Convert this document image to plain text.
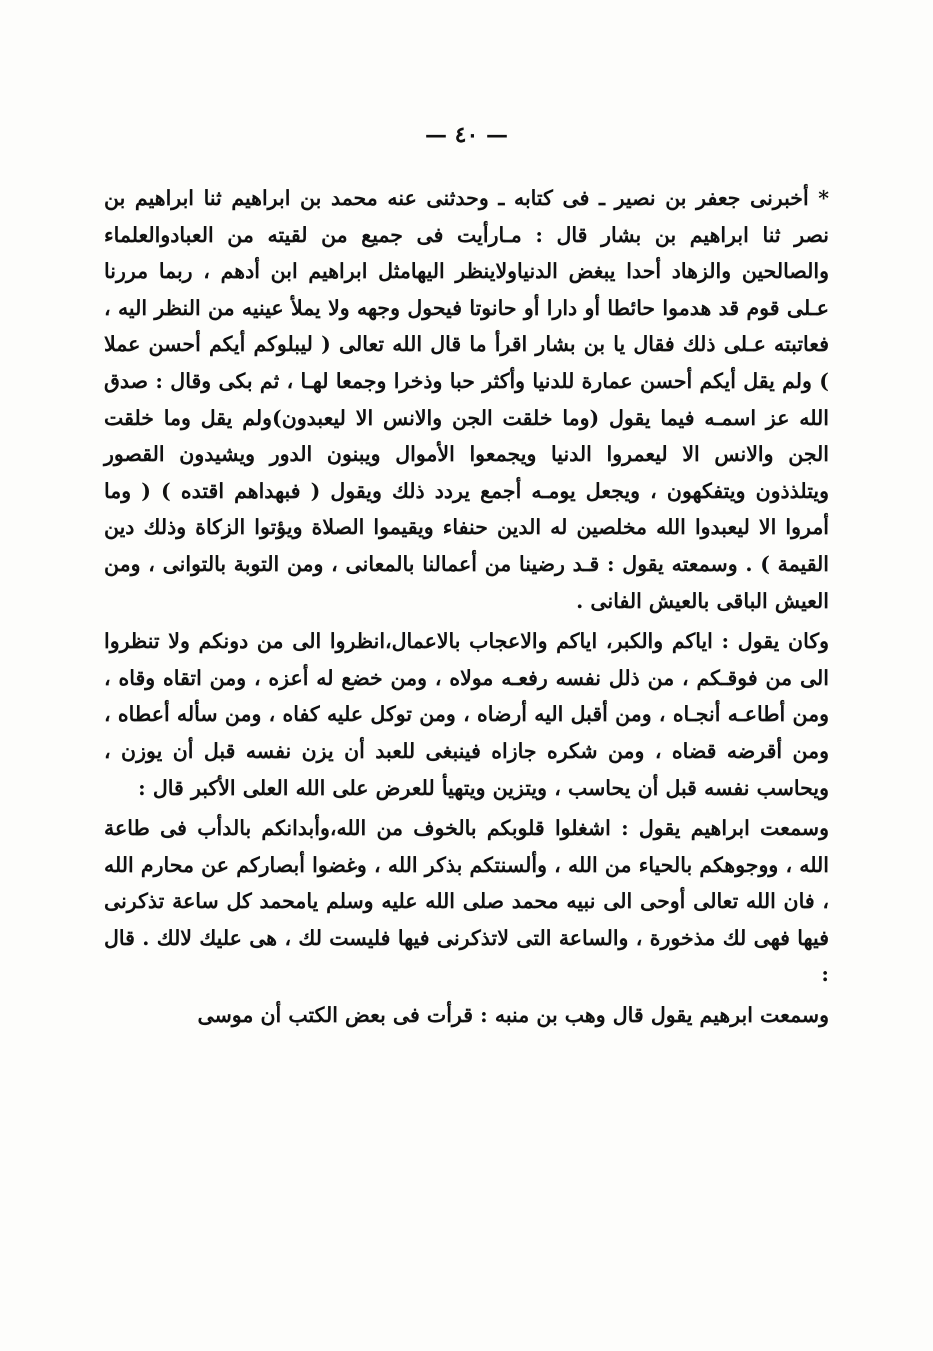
— ٤٠ —

* أخبرنى جعفر بن نصير ـ فى كتابه ـ وحدثنى عنه محمد بن ابراهيم ثنا ابراهيم بن نصر ثنا ابراهيم بن بشار قال : مـارأيت فى جميع من لقيته من العبادوالعلماء والصالحين والزهاد أحدا يبغض الدنياولاينظر اليهامثل ابراهيم ابن أدهم ، ربما مررنا عـلى قوم قد هدموا حائطا أو دارا أو حانوتا فيحول وجهه ولا يملأ عينيه من النظر اليه ، فعاتبته عـلى ذلك فقال يا بن بشار اقرأ ما قال الله تعالى ( ليبلوكم أيكم أحسن عملا ) ولم يقل أيكم أحسن عمارة للدنيا وأكثر حبا وذخرا وجمعا لهـا ، ثم بكى وقال : صدق الله عز اسمـه فيما يقول (وما خلقت الجن والانس الا ليعبدون)ولم يقل وما خلقت الجن والانس الا ليعمروا الدنيا ويجمعوا الأموال ويبنون الدور ويشيدون القصور ويتلذذون ويتفكهون ، ويجعل يومـه أجمع يردد ذلك ويقول ( فبهداهم اقتده ) ( وما أمروا الا ليعبدوا الله مخلصين له الدين حنفاء ويقيموا الصلاة ويؤتوا الزكاة وذلك دين القيمة ) . وسمعته يقول : قـد رضينا من أعمالنا بالمعانى ، ومن التوبة بالتوانى ، ومن العيش الباقى بالعيش الفانى .

وكان يقول : اياكم والكبر، اياكم والاعجاب بالاعمال،انظروا الى من دونكم ولا تنظروا الى من فوقـكم ، من ذلل نفسه رفعـه مولاه ، ومن خضع له أعزه ، ومن اتقاه وقاه ، ومن أطاعـه أنجـاه ، ومن أقبل اليه أرضاه ، ومن توكل عليه كفاه ، ومن سأله أعطاه ، ومن أقرضه قضاه ، ومن شكره جازاه فينبغى للعبد أن يزن نفسه قبل أن يوزن ، ويحاسب نفسه قبل أن يحاسب ، ويتزين ويتهيأ للعرض على الله العلى الأكبر قال :

وسمعت ابراهيم يقول : اشغلوا قلوبكم بالخوف من الله،وأبدانكم بالدأب فى طاعة الله ، ووجوهكم بالحياء من الله ، وألسنتكم بذكر الله ، وغضوا أبصاركم عن محارم الله ، فان الله تعالى أوحى الى نبيه محمد صلى الله عليه وسلم يامحمد كل ساعة تذكرنى فيها فهى لك مذخورة ، والساعة التى لاتذكرنى فيها فليست لك ، هى عليك لالك . قال :

وسمعت ابرهيم يقول قال وهب بن منبه : قرأت فى بعض الكتب أن موسى
